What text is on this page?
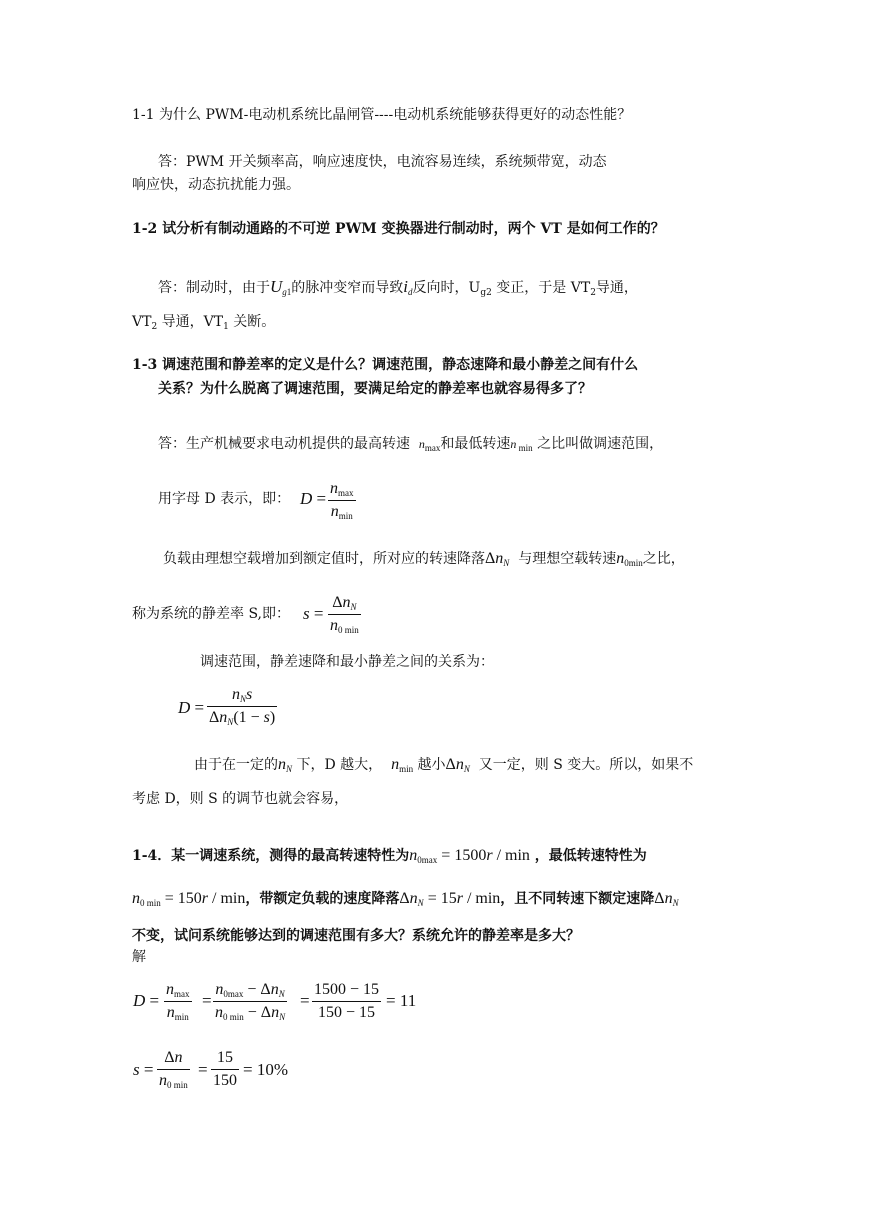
1-1 为什么 PWM-电动机系统比晶闸管----电动机系统能够获得更好的动态性能？
答：PWM 开关频率高，响应速度快，电流容易连续，系统频带宽，动态
响应快，动态抗扰能力强。
1-2 试分析有制动通路的不可逆 PWM 变换器进行制动时，两个 VT 是如何工作的？
答：制动时，由于$U_{g1}$的脉冲变窄而导致$i_d$反向时，$U_{g2}$ 变正，于是 $VT_2$导通，
$VT_2$ 导通，$VT_1$ 关断。
1-3 调速范围和静差率的定义是什么？调速范围，静态速降和最小静差之间有什么
关系？为什么脱离了调速范围，要满足给定的静差率也就容易得多了？
答：生产机械要求电动机提供的最高转速 $n_{max}$和最低转速n $_{min}$ 之比叫做调速范围，
用字母 D 表示，即： D =
$n_{max}$
$n_{min}$
负载由理想空载增加到额定值时，所对应的转速降落$\Delta n_N$ 与理想空载转速$n_{0min}$之比，
称为系统的静差率 S,即： s =
$\Delta n_N$
$n_{0 min}$
调速范围，静差速降和最小静差之间的关系为：
D =
$n_Ns$
$\Delta n_N(1 - s)$
由于在一定的$n_N$ 下，D 越大， $n_{min}$ 越小$\Delta n_N$ 又一定，则 S 变大。所以，如果不
考虑 D，则 S 的调节也就会容易，
1-4．某一调速系统，测得的最高转速特性为$n_{0max} = 1500r / \min$ ，最低转速特性为
$n_{0 min} = 150r / \min$，带额定负载的速度降落$\Delta n_N = 15r / \min$，且不同转速下额定速降$\Delta n_N$
不变，试问系统能够达到的调速范围有多大？系统允许的静差率是多大？
解
D =
$n_{max}$
$n_{min}$
=
$n_{0max} - \Delta n_N$
$n_{0 min} - \Delta n_N$
=
1500 − 15
150 − 15
= 11
s =
Δn
$n_{0 min}$
=
15
150
= 10%
